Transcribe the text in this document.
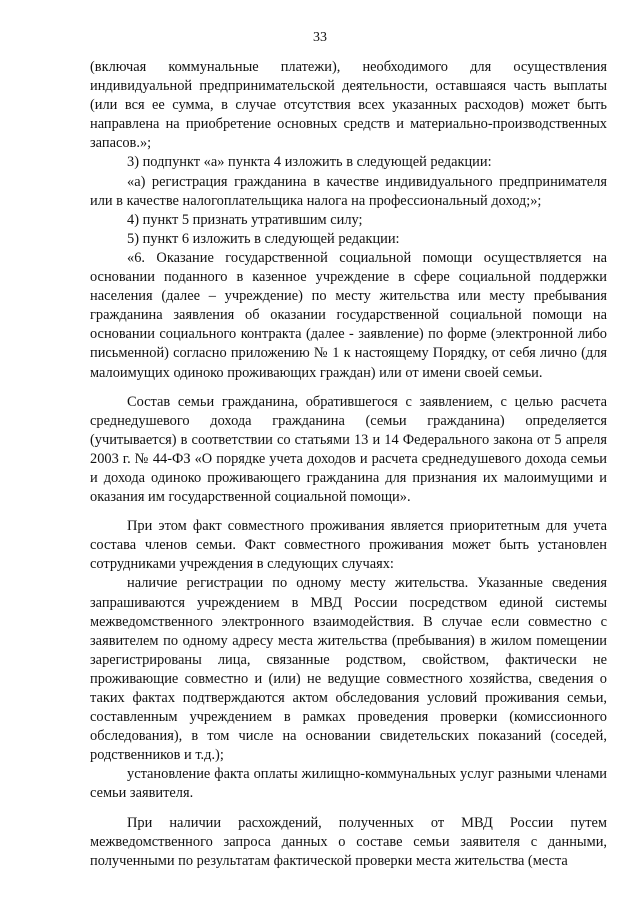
33

(включая коммунальные платежи), необходимого для осуществления индивидуальной предпринимательской деятельности, оставшаяся часть выплаты (или вся ее сумма, в случае отсутствия всех указанных расходов) может быть направлена на приобретение основных средств и материально-производственных запасов.»;

3) подпункт «а» пункта 4 изложить в следующей редакции:

«а) регистрация гражданина в качестве индивидуального предпринимателя или в качестве налогоплательщика налога на профессиональный доход;»;

4) пункт 5 признать утратившим силу;

5) пункт 6 изложить в следующей редакции:

«6. Оказание государственной социальной помощи осуществляется на основании поданного в казенное учреждение в сфере социальной поддержки населения (далее – учреждение) по месту жительства или месту пребывания гражданина заявления об оказании государственной социальной помощи на основании социального контракта (далее - заявление) по форме (электронной либо письменной) согласно приложению № 1 к настоящему Порядку, от себя лично (для малоимущих одиноко проживающих граждан) или от имени своей семьи.

Состав семьи гражданина, обратившегося с заявлением, с целью расчета среднедушевого дохода гражданина (семьи гражданина) определяется (учитывается) в соответствии со статьями 13 и 14 Федерального закона от 5 апреля 2003 г. № 44-ФЗ «О порядке учета доходов и расчета среднедушевого дохода семьи и дохода одиноко проживающего гражданина для признания их малоимущими и оказания им государственной социальной помощи».

При этом факт совместного проживания является приоритетным для учета состава членов семьи. Факт совместного проживания может быть установлен сотрудниками учреждения в следующих случаях:

наличие регистрации по одному месту жительства. Указанные сведения запрашиваются учреждением в МВД России посредством единой системы межведомственного электронного взаимодействия. В случае если совместно с заявителем по одному адресу места жительства (пребывания) в жилом помещении зарегистрированы лица, связанные родством, свойством, фактически не проживающие совместно и (или) не ведущие совместного хозяйства, сведения о таких фактах подтверждаются актом обследования условий проживания семьи, составленным учреждением в рамках проведения проверки (комиссионного обследования), в том числе на основании свидетельских показаний (соседей, родственников и т.д.);

установление факта оплаты жилищно-коммунальных услуг разными членами семьи заявителя.

При наличии расхождений, полученных от МВД России путем межведомственного запроса данных о составе семьи заявителя с данными, полученными по результатам фактической проверки места жительства (места
